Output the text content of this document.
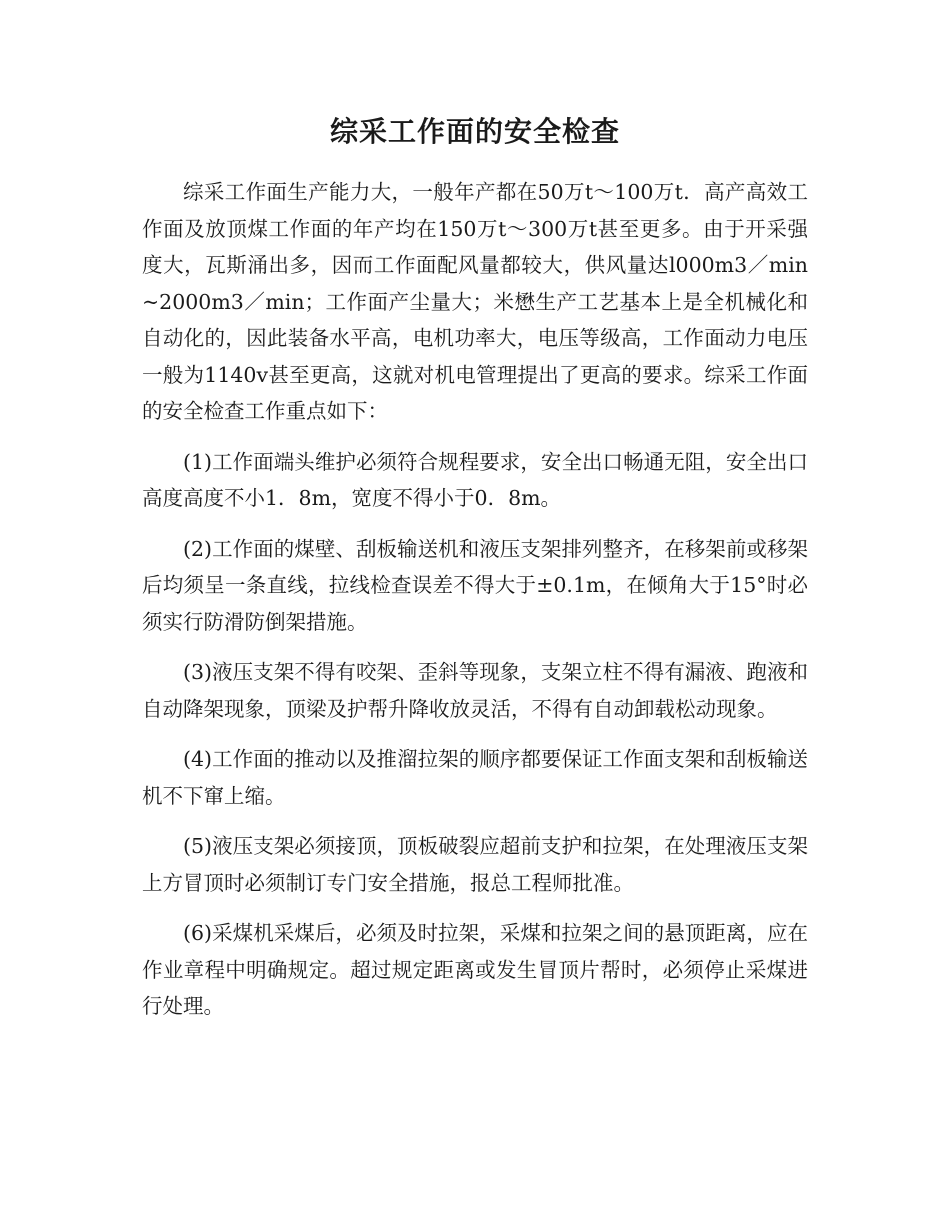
综采工作面的安全检查

综采工作面生产能力大，一般年产都在50万t～100万t．高产高效工作面及放顶煤工作面的年产均在150万t～300万t甚至更多。由于开采强度大，瓦斯涌出多，因而工作面配风量都较大，供风量达l000m3／min~2000m3／min；工作面产尘量大；米懋生产工艺基本上是全机械化和自动化的，因此装备水平高，电机功率大，电压等级高，工作面动力电压一般为1140v甚至更高，这就对机电管理提出了更高的要求。综采工作面的安全检查工作重点如下：

(1)工作面端头维护必须符合规程要求，安全出口畅通无阻，安全出口高度高度不小1．8m，宽度不得小于0．8m。

(2)工作面的煤壁、刮板输送机和液压支架排列整齐，在移架前或移架后均须呈一条直线，拉线检查误差不得大于±0.1m，在倾角大于15°时必须实行防滑防倒架措施。

(3)液压支架不得有咬架、歪斜等现象，支架立柱不得有漏液、跑液和自动降架现象，顶梁及护帮升降收放灵活，不得有自动卸载松动现象。

(4)工作面的推动以及推溜拉架的顺序都要保证工作面支架和刮板输送机不下窜上缩。

(5)液压支架必须接顶，顶板破裂应超前支护和拉架，在处理液压支架上方冒顶时必须制订专门安全措施，报总工程师批准。

(6)采煤机采煤后，必须及时拉架，采煤和拉架之间的悬顶距离，应在作业章程中明确规定。超过规定距离或发生冒顶片帮时，必须停止采煤进行处理。
